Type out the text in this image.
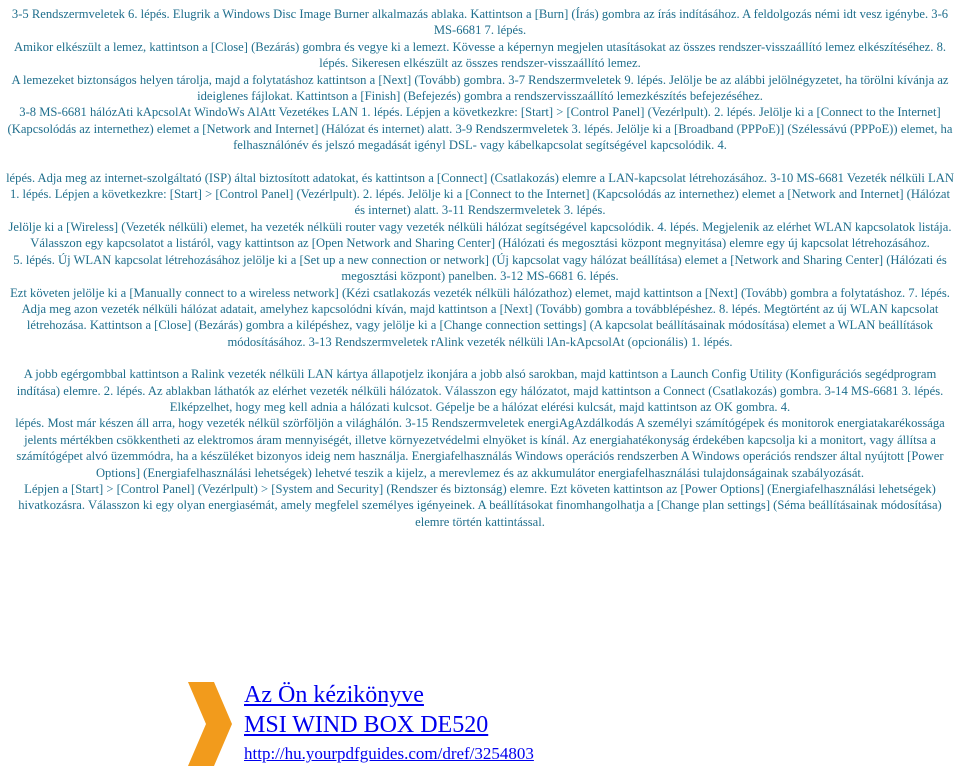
3-5 Rendszermveletek 6. lépés. Elugrik a Windows Disc Image Burner alkalmazás ablaka. Kattintson a [Burn] (Írás) gombra az írás indításához. A feldolgozás némi idt vesz igénybe. 3-6 MS-6681 7. lépés.

Amikor elkészült a lemez, kattintson a [Close] (Bezárás) gombra és vegye ki a lemezt. Kövesse a képernyn megjelen utasításokat az összes rendszer-visszaállító lemez elkészítéséhez. 8. lépés. Sikeresen elkészült az összes rendszer-visszaállító lemez.

A lemezeket biztonságos helyen tárolja, majd a folytatáshoz kattintson a [Next] (Tovább) gombra. 3-7 Rendszermveletek 9. lépés. Jelölje be az alábbi jelölnégyzetet, ha törölni kívánja az ideiglenes fájlokat. Kattintson a [Finish] (Befejezés) gombra a rendszervisszaállító lemezkészítés befejezéséhez.

3-8 MS-6681 hálózAti kApcsolAt WindoWs AlAtt Vezetékes LAN 1. lépés. Lépjen a következkre: [Start] > [Control Panel] (Vezérlpult). 2. lépés. Jelölje ki a [Connect to the Internet] (Kapcsolódás az internethez) elemet a [Network and Internet] (Hálózat és internet) alatt. 3-9 Rendszermveletek 3. lépés. Jelölje ki a [Broadband (PPPoE)] (Szélessávú (PPPoE)) elemet, ha felhasználónév és jelszó megadását igényl DSL- vagy kábelkapcsolat segítségével kapcsolódik. 4.

lépés. Adja meg az internet-szolgáltató (ISP) által biztosított adatokat, és kattintson a [Connect] (Csatlakozás) elemre a LAN-kapcsolat létrehozásához. 3-10 MS-6681 Vezeték nélküli LAN 1. lépés. Lépjen a következkre: [Start] > [Control Panel] (Vezérlpult). 2. lépés. Jelölje ki a [Connect to the Internet] (Kapcsolódás az internethez) elemet a [Network and Internet] (Hálózat és internet) alatt. 3-11 Rendszermveletek 3. lépés.

Jelölje ki a [Wireless] (Vezeték nélküli) elemet, ha vezeték nélküli router vagy vezeték nélküli hálózat segítségével kapcsolódik. 4. lépés. Megjelenik az elérhet WLAN kapcsolatok listája. Válasszon egy kapcsolatot a listáról, vagy kattintson az [Open Network and Sharing Center] (Hálózati és megosztási központ megnyitása) elemre egy új kapcsolat létrehozásához.

5. lépés. Új WLAN kapcsolat létrehozásához jelölje ki a [Set up a new connection or network] (Új kapcsolat vagy hálózat beállítása) elemet a [Network and Sharing Center] (Hálózati és megosztási központ) panelben. 3-12 MS-6681 6. lépés.

Ezt követen jelölje ki a [Manually connect to a wireless network] (Kézi csatlakozás vezeték nélküli hálózathoz) elemet, majd kattintson a [Next] (Tovább) gombra a folytatáshoz. 7. lépés. Adja meg azon vezeték nélküli hálózat adatait, amelyhez kapcsolódni kíván, majd kattintson a [Next] (Tovább) gombra a továbblépéshez. 8. lépés. Megtörtént az új WLAN kapcsolat létrehozása. Kattintson a [Close] (Bezárás) gombra a kilépéshez, vagy jelölje ki a [Change connection settings] (A kapcsolat beállításainak módosítása) elemet a WLAN beállítások módosításához. 3-13 Rendszermveletek rAlink vezeték nélküli lAn-kApcsolAt (opcionális) 1. lépés.

A jobb egérgombbal kattintson a Ralink vezeték nélküli LAN kártya állapotjelz ikonjára a jobb alsó sarokban, majd kattintson a Launch Config Utility (Konfigurációs segédprogram indítása) elemre. 2. lépés. Az ablakban láthatók az elérhet vezeték nélküli hálózatok. Válasszon egy hálózatot, majd kattintson a Connect (Csatlakozás) gombra. 3-14 MS-6681 3. lépés. Elképzelhet, hogy meg kell adnia a hálózati kulcsot. Gépelje be a hálózat elérési kulcsát, majd kattintson az OK gombra. 4.

lépés. Most már készen áll arra, hogy vezeték nélkül szörföljön a világhálón. 3-15 Rendszermveletek energiAgAzdálkodás A személyi számítógépek és monitorok energiatakarékossága jelents mértékben csökkentheti az elektromos áram mennyiségét, illetve környezetvédelmi elnyöket is kínál. Az energiahatékonyság érdekében kapcsolja ki a monitort, vagy állítsa a számítógépet alvó üzemmódra, ha a készüléket bizonyos ideig nem használja. Energiafelhasználás Windows operációs rendszerben A Windows operációs rendszer által nyújtott [Power Options] (Energiafelhasználási lehetségek) lehetvé teszik a kijelz, a merevlemez és az akkumulátor energiafelhasználási tulajdonságainak szabályozását.

Lépjen a [Start] > [Control Panel] (Vezérlpult) > [System and Security] (Rendszer és biztonság) elemre. Ezt követen kattintson az [Power Options] (Energiafelhasználási lehetségek) hivatkozásra. Válasszon ki egy olyan energiasémát, amely megfelel személyes igényeinek. A beállításokat finomhangolhatja a [Change plan settings] (Séma beállításainak módosítása) elemre történ kattintással.

Az Ön kézikönyve
MSI WIND BOX DE520
http://hu.yourpdfguides.com/dref/3254803
